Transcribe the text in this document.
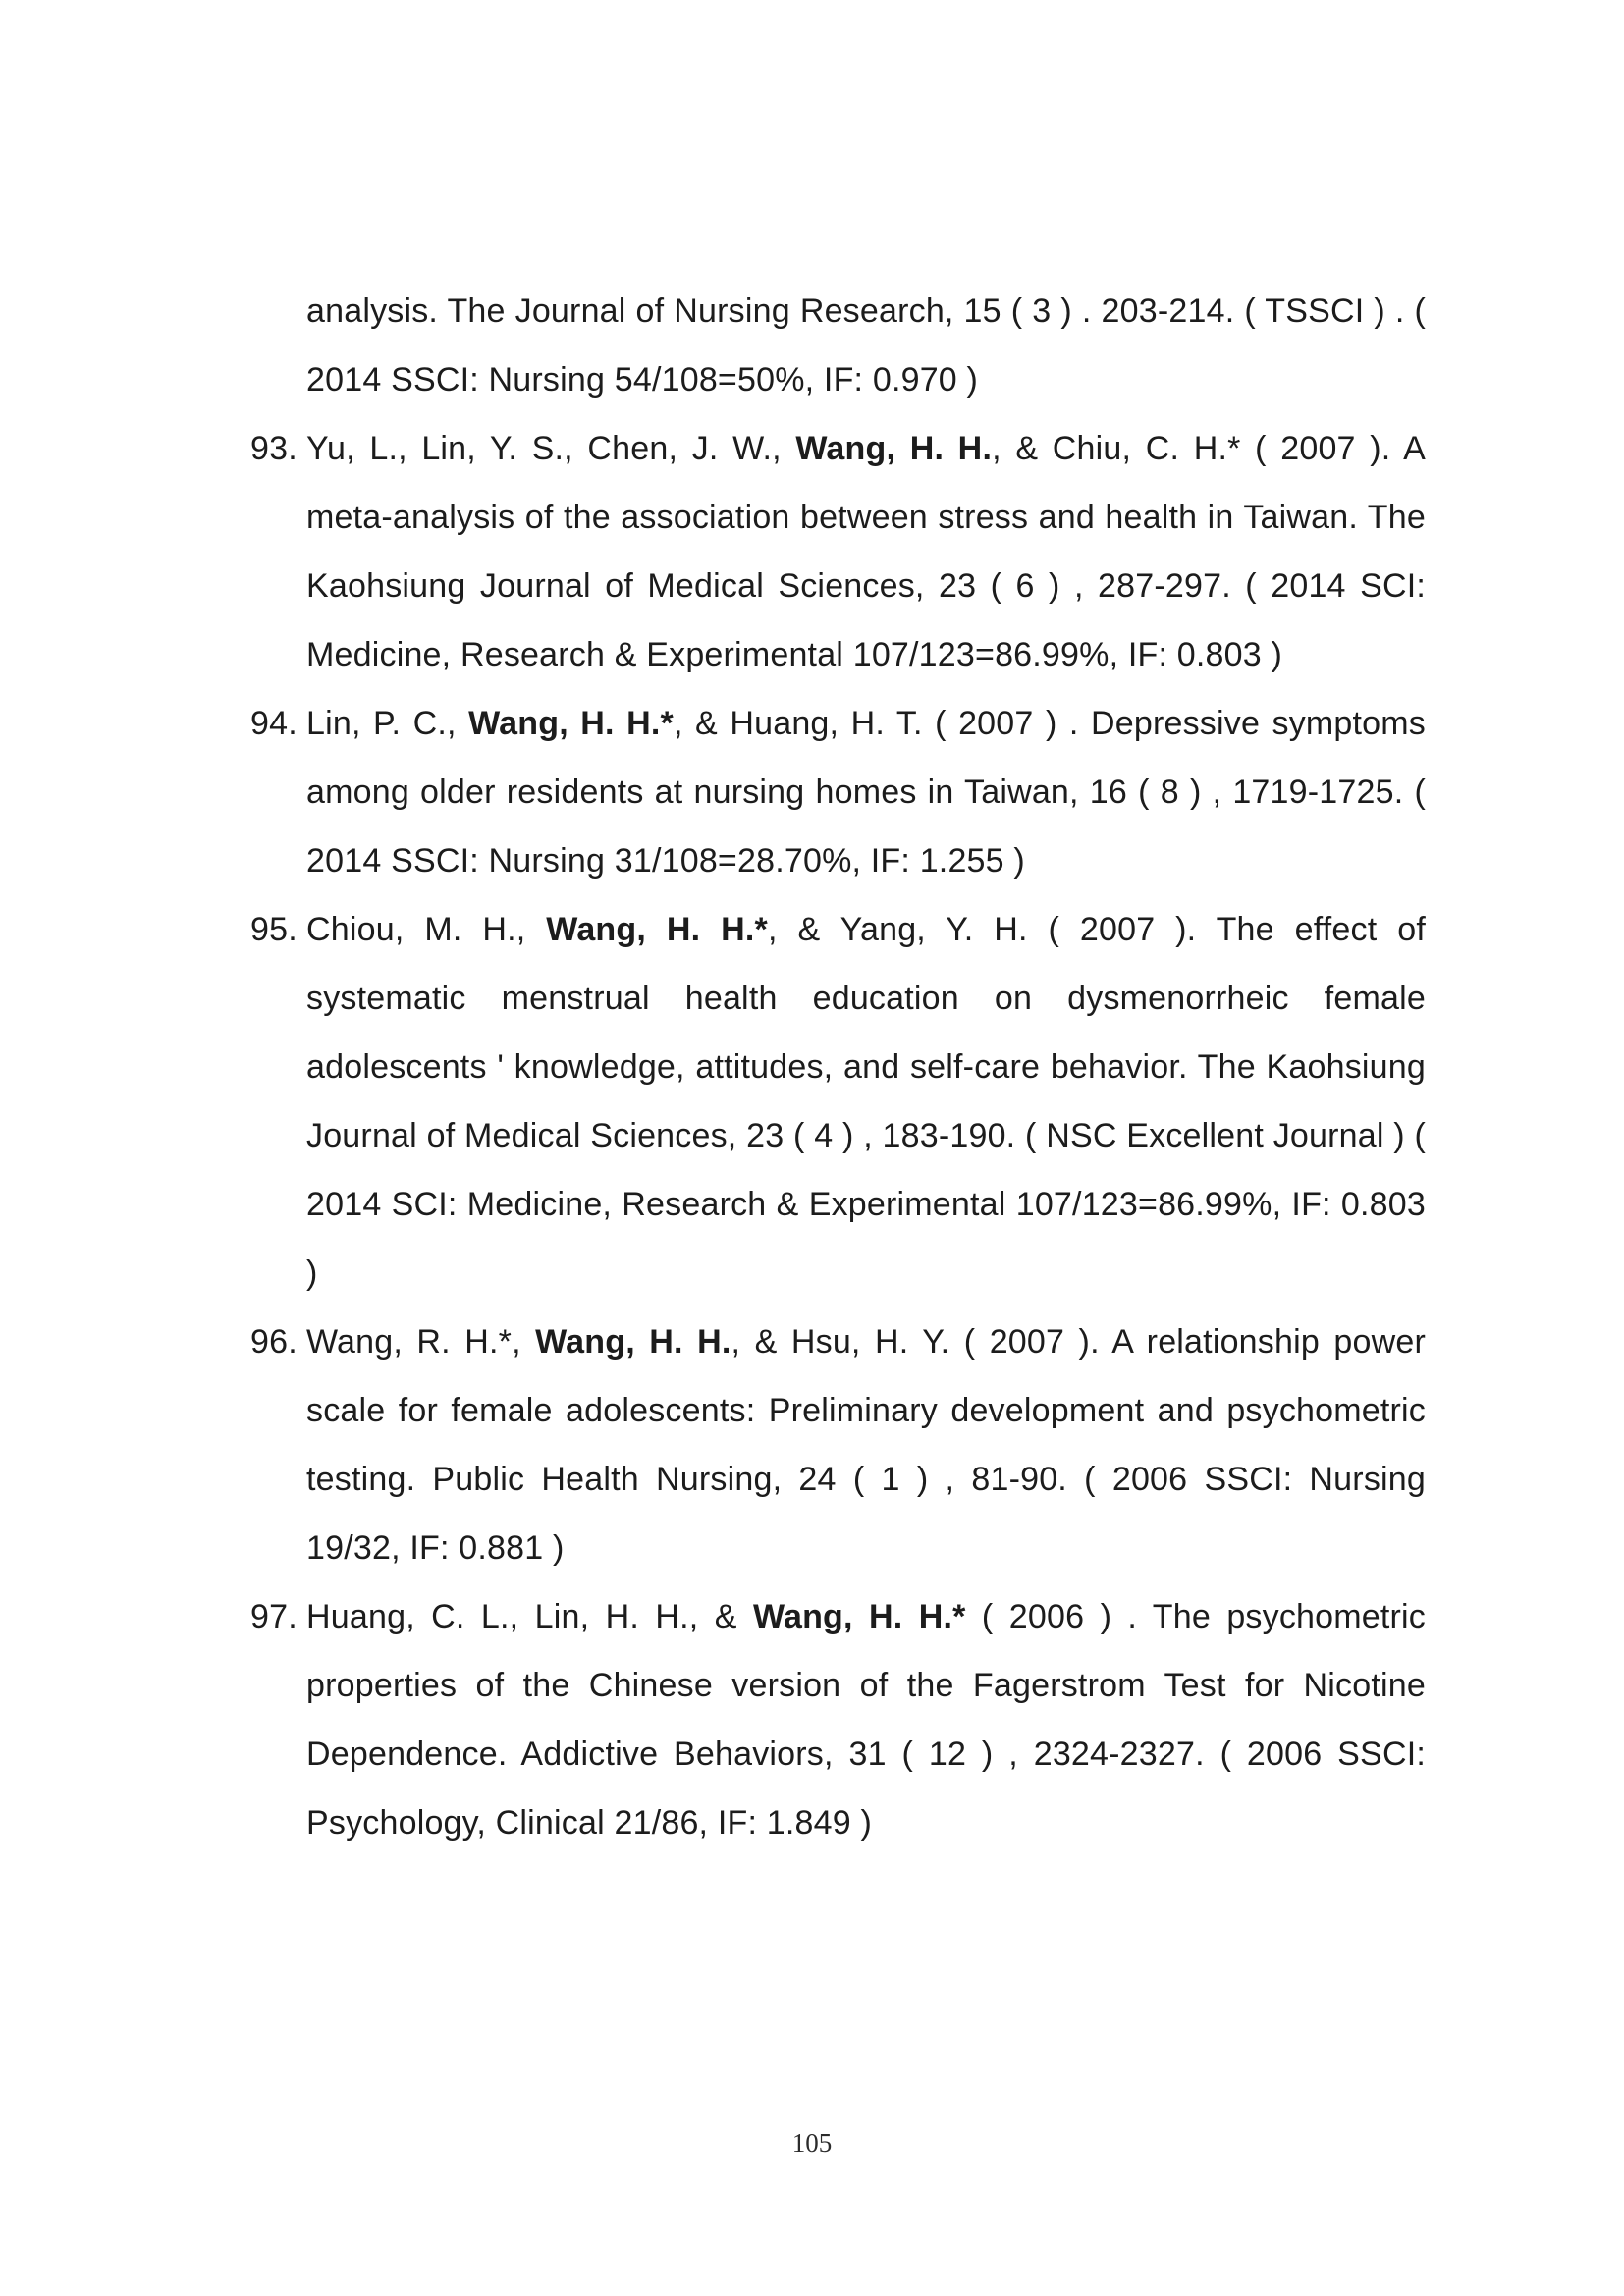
analysis. The Journal of Nursing Research, 15 ( 3 ) . 203-214. ( TSSCI ) . ( 2014 SSCI: Nursing 54/108=50%, IF: 0.970 )
93. Yu, L., Lin, Y. S., Chen, J. W., Wang, H. H., & Chiu, C. H.* ( 2007 ). A meta-analysis of the association between stress and health in Taiwan. The Kaohsiung Journal of Medical Sciences, 23 ( 6 ) , 287-297. ( 2014 SCI: Medicine, Research & Experimental 107/123=86.99%, IF: 0.803 )
94. Lin, P. C., Wang, H. H.*, & Huang, H. T. ( 2007 ) . Depressive symptoms among older residents at nursing homes in Taiwan, 16 ( 8 ) , 1719-1725. ( 2014 SSCI: Nursing 31/108=28.70%, IF: 1.255 )
95. Chiou, M. H., Wang, H. H.*, & Yang, Y. H. ( 2007 ). The effect of systematic menstrual health education on dysmenorrheic female adolescents ' knowledge, attitudes, and self-care behavior. The Kaohsiung Journal of Medical Sciences, 23 ( 4 ) , 183-190. ( NSC Excellent Journal ) ( 2014 SCI: Medicine, Research & Experimental 107/123=86.99%, IF: 0.803 )
96. Wang, R. H.*, Wang, H. H., & Hsu, H. Y. ( 2007 ). A relationship power scale for female adolescents: Preliminary development and psychometric testing. Public Health Nursing, 24 ( 1 ) , 81-90. ( 2006 SSCI: Nursing 19/32, IF: 0.881 )
97. Huang, C. L., Lin, H. H., & Wang, H. H.* ( 2006 ) . The psychometric properties of the Chinese version of the Fagerstrom Test for Nicotine Dependence. Addictive Behaviors, 31 ( 12 ) , 2324-2327. ( 2006 SSCI: Psychology, Clinical 21/86, IF: 1.849 )
105
